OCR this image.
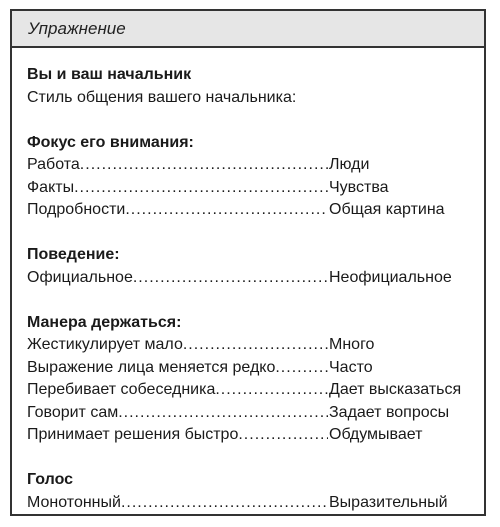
Упражнение
Вы и ваш начальник
Стиль общения вашего начальника:
Фокус его внимания:
Работа .....	Люди
Факты .....	Чувства
Подробности .....	Общая картина
Поведение:
Официальное .....	Неофициальное
Манера держаться:
Жестикулирует мало .....	Много
Выражение лица меняется редко .....	Часто
Перебивает собеседника .....	Дает высказаться
Говорит сам .....	Задает вопросы
Принимает решения быстро .....	Обдумывает
Голос
Монотонный .....	Выразительный
